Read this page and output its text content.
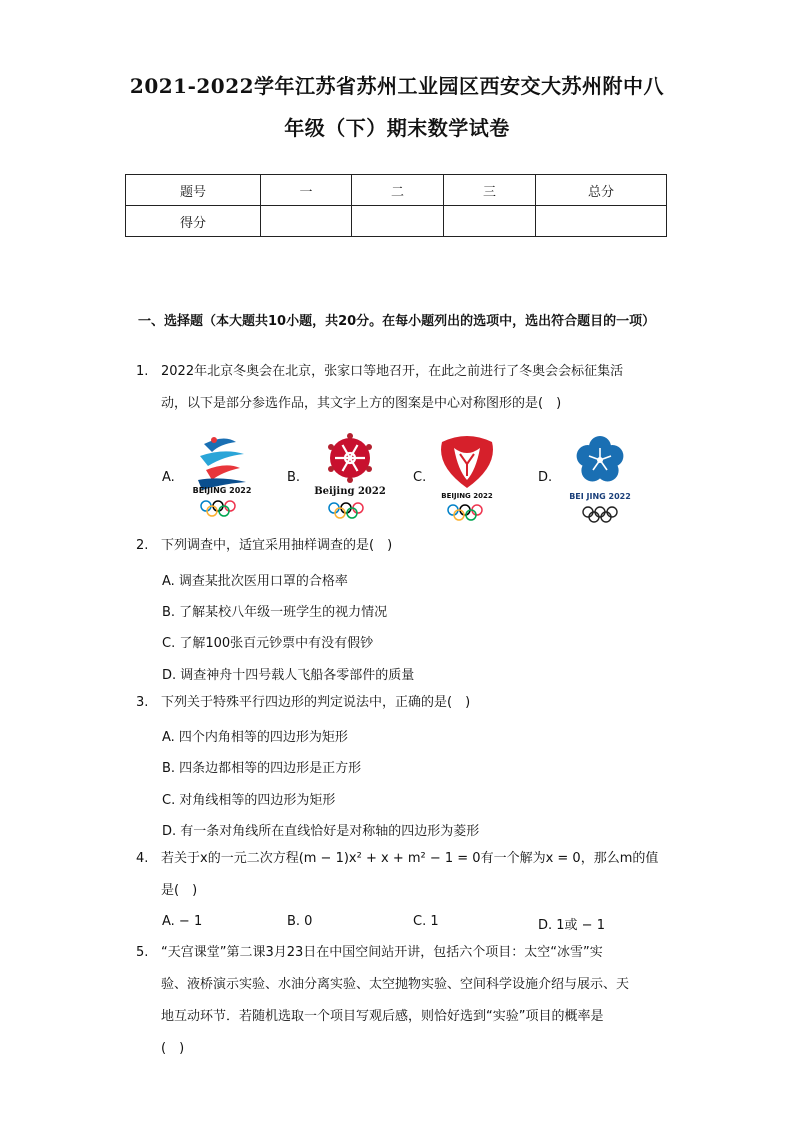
2021-2022学年江苏省苏州工业园区西安交大苏州附中八
年级（下）期末数学试卷
题号	一	二	三	总分
得分				
一、选择题（本大题共10小题，共20分。在每小题列出的选项中，选出符合题目的一项）
1. 2022年北京冬奥会在北京，张家口等地召开，在此之前进行了冬奥会会标征集活
动，以下是部分参选作品，其文字上方的图案是中心对称图形的是(　)
A.	B.	C.	D.
BEIJING 2022	Beijing 2022	BEIJING 2022	BEI JING 2022
2. 下列调查中，适宜采用抽样调查的是(　)
A. 调查某批次医用口罩的合格率
B. 了解某校八年级一班学生的视力情况
C. 了解100张百元钞票中有没有假钞
D. 调查神舟十四号载人飞船各零部件的质量
3. 下列关于特殊平行四边形的判定说法中，正确的是(　)
A. 四个内角相等的四边形为矩形
B. 四条边都相等的四边形是正方形
C. 对角线相等的四边形为矩形
D. 有一条对角线所在直线恰好是对称轴的四边形为菱形
4. 若关于x的一元二次方程(m − 1)x² + x + m² − 1 = 0有一个解为x = 0，那么m的值
是(　)
A. − 1	B. 0	C. 1	D. 1或 − 1
5. “天宫课堂”第二课3月23日在中国空间站开讲，包括六个项目：太空“冰雪”实
验、液桥演示实验、水油分离实验、太空抛物实验、空间科学设施介绍与展示、天
地互动环节．若随机选取一个项目写观后感，则恰好选到“实验”项目的概率是
(　)
